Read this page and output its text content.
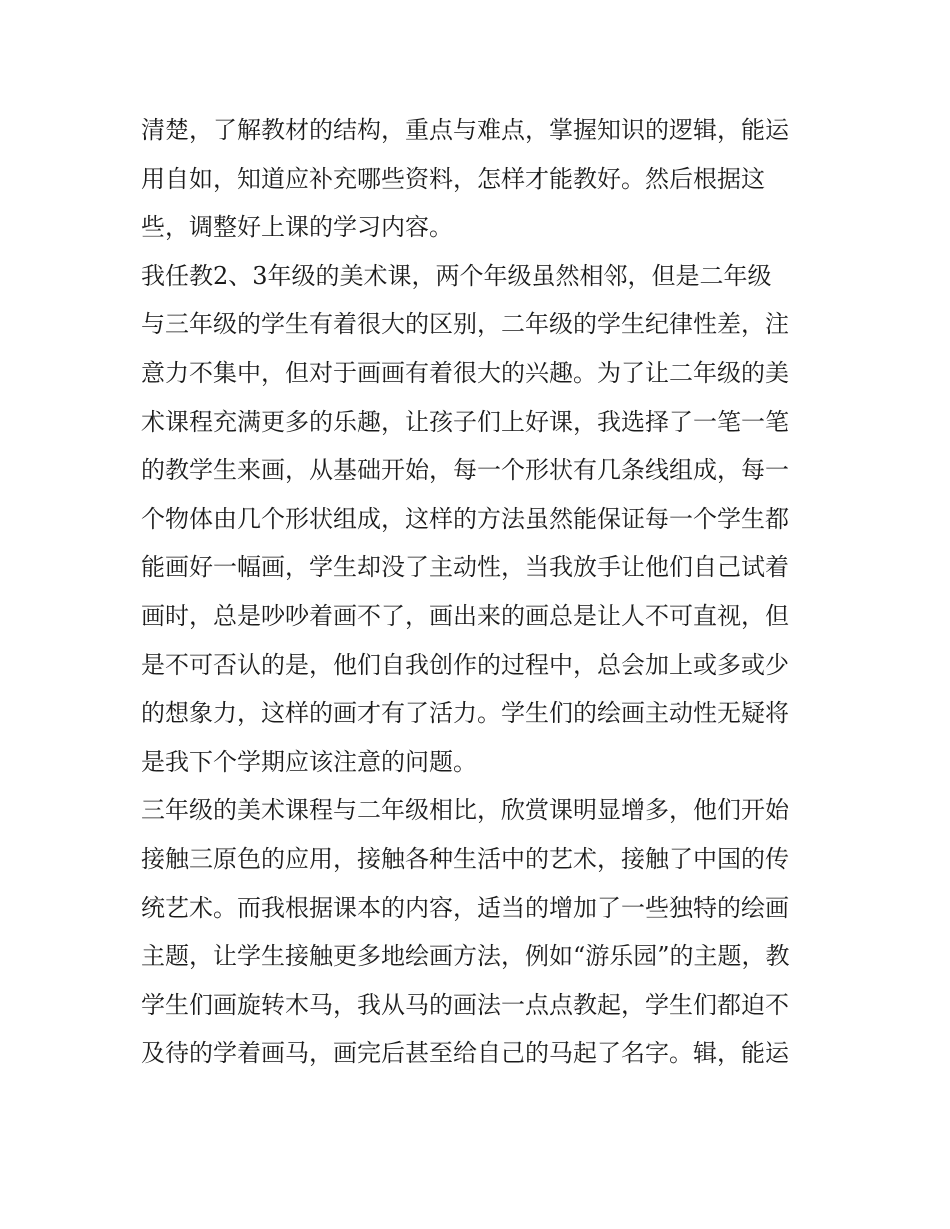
清楚，了解教材的结构，重点与难点，掌握知识的逻辑，能运

用自如，知道应补充哪些资料，怎样才能教好。然后根据这

些，调整好上课的学习内容。

我任教2、3年级的美术课，两个年级虽然相邻，但是二年级

与三年级的学生有着很大的区别，二年级的学生纪律性差，注

意力不集中，但对于画画有着很大的兴趣。为了让二年级的美

术课程充满更多的乐趣，让孩子们上好课，我选择了一笔一笔

的教学生来画，从基础开始，每一个形状有几条线组成，每一

个物体由几个形状组成，这样的方法虽然能保证每一个学生都

能画好一幅画，学生却没了主动性，当我放手让他们自己试着

画时，总是吵吵着画不了，画出来的画总是让人不可直视，但

是不可否认的是，他们自我创作的过程中，总会加上或多或少

的想象力，这样的画才有了活力。学生们的绘画主动性无疑将

是我下个学期应该注意的问题。

三年级的美术课程与二年级相比，欣赏课明显增多，他们开始

接触三原色的应用，接触各种生活中的艺术，接触了中国的传

统艺术。而我根据课本的内容，适当的增加了一些独特的绘画

主题，让学生接触更多地绘画方法，例如“游乐园”的主题，教

学生们画旋转木马，我从马的画法一点点教起，学生们都迫不

及待的学着画马，画完后甚至给自己的马起了名字。辑，能运
